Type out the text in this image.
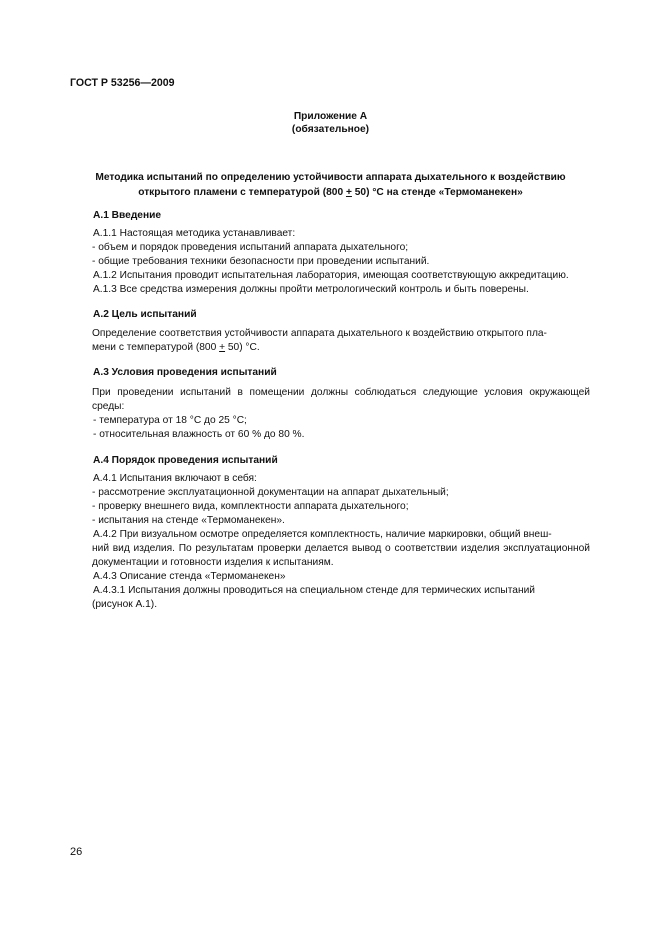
ГОСТ Р 53256—2009
Приложение А
(обязательное)
Методика испытаний по определению устойчивости аппарата дыхательного к воздействию
открытого пламени с температурой (800 + 50) °С на стенде «Термоманекен»
А.1 Введение
А.1.1 Настоящая методика устанавливает:
- объем и порядок проведения испытаний аппарата дыхательного;
- общие требования техники безопасности при проведении испытаний.
А.1.2 Испытания проводит испытательная лаборатория, имеющая соответствующую аккредитацию.
А.1.3 Все средства измерения должны пройти метрологический контроль и быть поверены.
А.2 Цель испытаний
Определение соответствия устойчивости аппарата дыхательного к воздействию открытого пла-
мени с температурой (800 + 50) °С.
А.3 Условия проведения испытаний
При проведении испытаний в помещении должны соблюдаться следующие условия окружающей
среды:
- температура от 18 °С до 25 °С;
- относительная влажность от 60 % до 80 %.
А.4 Порядок проведения испытаний
А.4.1 Испытания включают в себя:
- рассмотрение эксплуатационной документации на аппарат дыхательный;
- проверку внешнего вида, комплектности аппарата дыхательного;
- испытания на стенде «Термоманекен».
А.4.2 При визуальном осмотре определяется комплектность, наличие маркировки, общий внеш-
ний вид изделия. По результатам проверки делается вывод о соответствии изделия эксплуатационной
документации и готовности изделия к испытаниям.
А.4.3 Описание стенда «Термоманекен»
А.4.3.1 Испытания должны проводиться на специальном стенде для термических испытаний
(рисунок А.1).
26
